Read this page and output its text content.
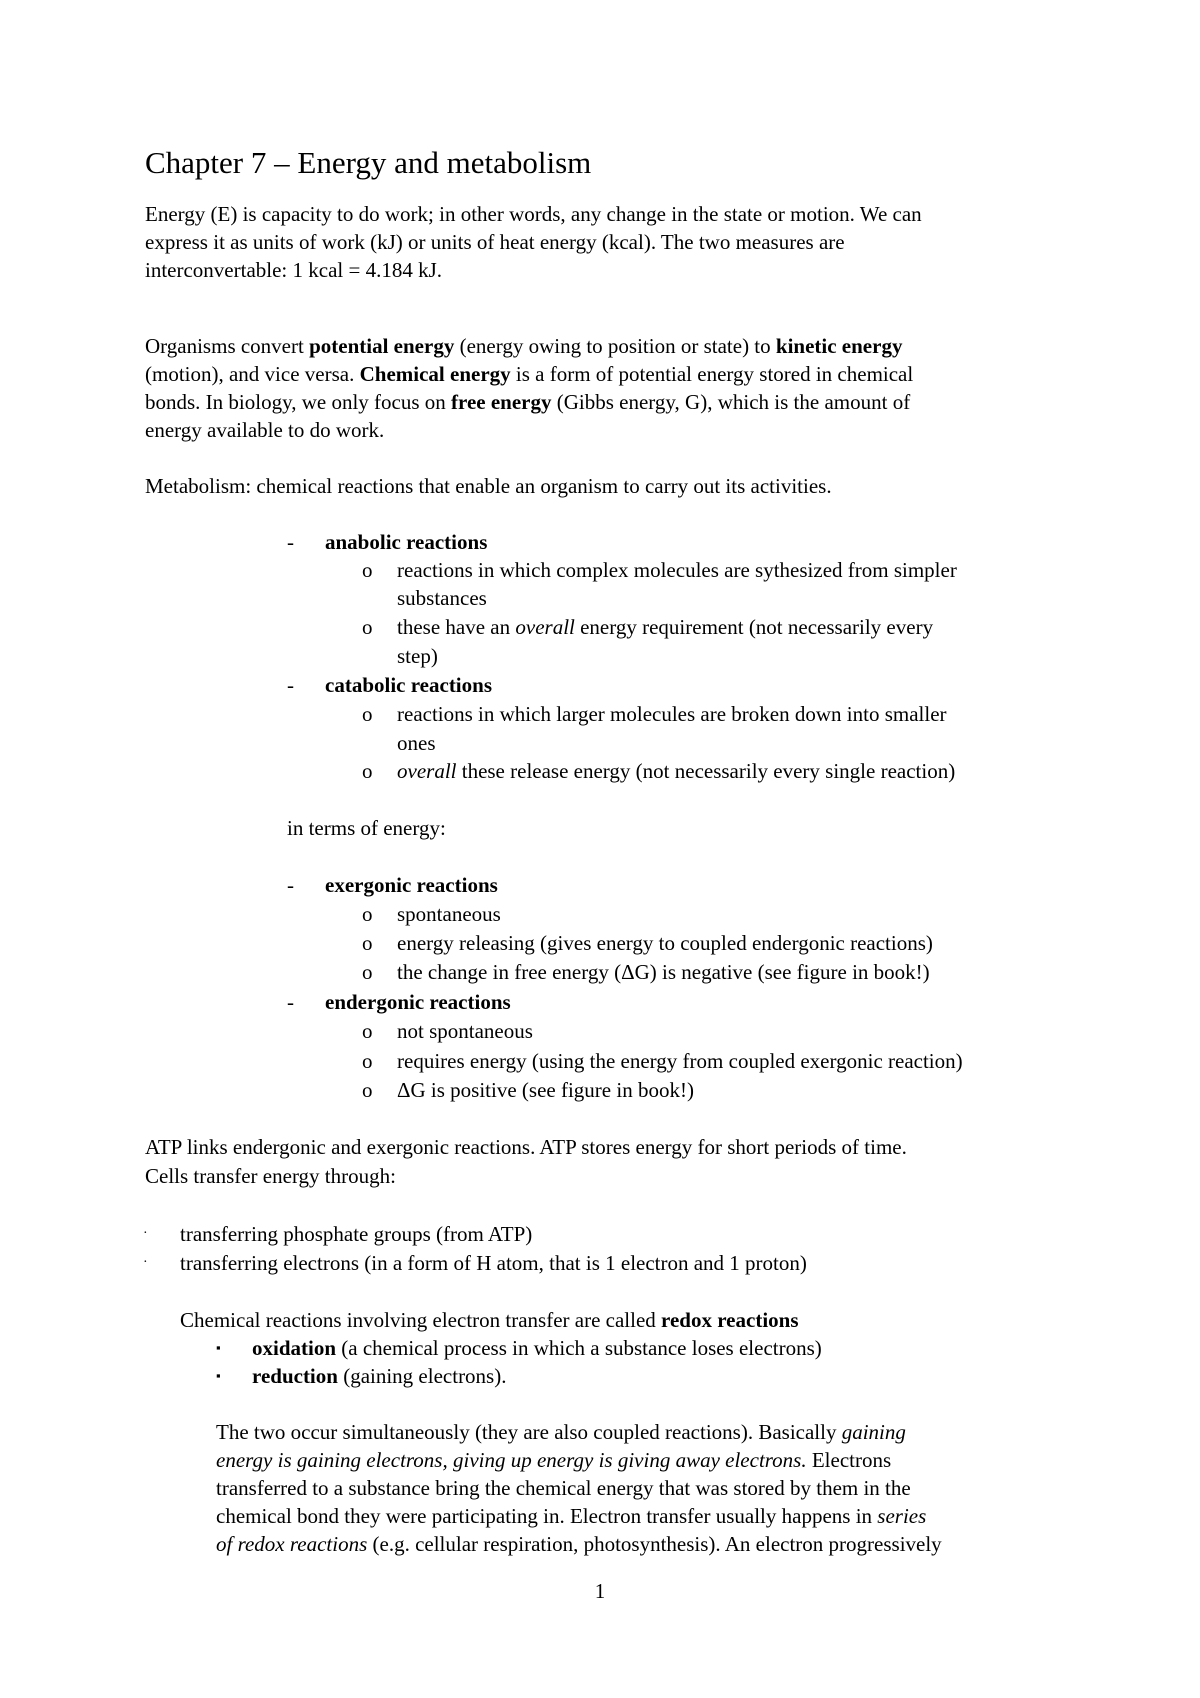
Chapter 7 – Energy and metabolism

Energy (E) is capacity to do work; in other words, any change in the state or motion. We can

express it as units of work (kJ) or units of heat energy (kcal). The two measures are

interconvertable: 1 kcal = 4.184 kJ.

Organisms convert potential energy (energy owing to position or state) to kinetic energy

(motion), and vice versa. Chemical energy is a form of potential energy stored in chemical

bonds. In biology, we only focus on free energy (Gibbs energy, G), which is the amount of

energy available to do work.

Metabolism: chemical reactions that enable an organism to carry out its activities.

- anabolic reactions
o reactions in which complex molecules are sythesized from simpler

substances

o these have an overall energy requirement (not necessarily every

step)

- catabolic reactions
o reactions in which larger molecules are broken down into smaller

ones

o overall these release energy (not necessarily every single reaction)

in terms of energy:

- exergonic reactions
o spontaneous

o energy releasing (gives energy to coupled endergonic reactions)

o the change in free energy (ΔG) is negative (see figure in book!)

- endergonic reactions
o not spontaneous

o requires energy (using the energy from coupled exergonic reaction)

o ΔG is positive (see figure in book!)

ATP links endergonic and exergonic reactions. ATP stores energy for short periods of time.

Cells transfer energy through:

· transferring phosphate groups (from ATP)

· transferring electrons (in a form of H atom, that is 1 electron and 1 proton)

Chemical reactions involving electron transfer are called redox reactions

▪ oxidation (a chemical process in which a substance loses electrons)

▪ reduction (gaining electrons).

The two occur simultaneously (they are also coupled reactions). Basically gaining

energy is gaining electrons, giving up energy is giving away electrons. Electrons

transferred to a substance bring the chemical energy that was stored by them in the

chemical bond they were participating in. Electron transfer usually happens in series

of redox reactions (e.g. cellular respiration, photosynthesis). An electron progressively

1
